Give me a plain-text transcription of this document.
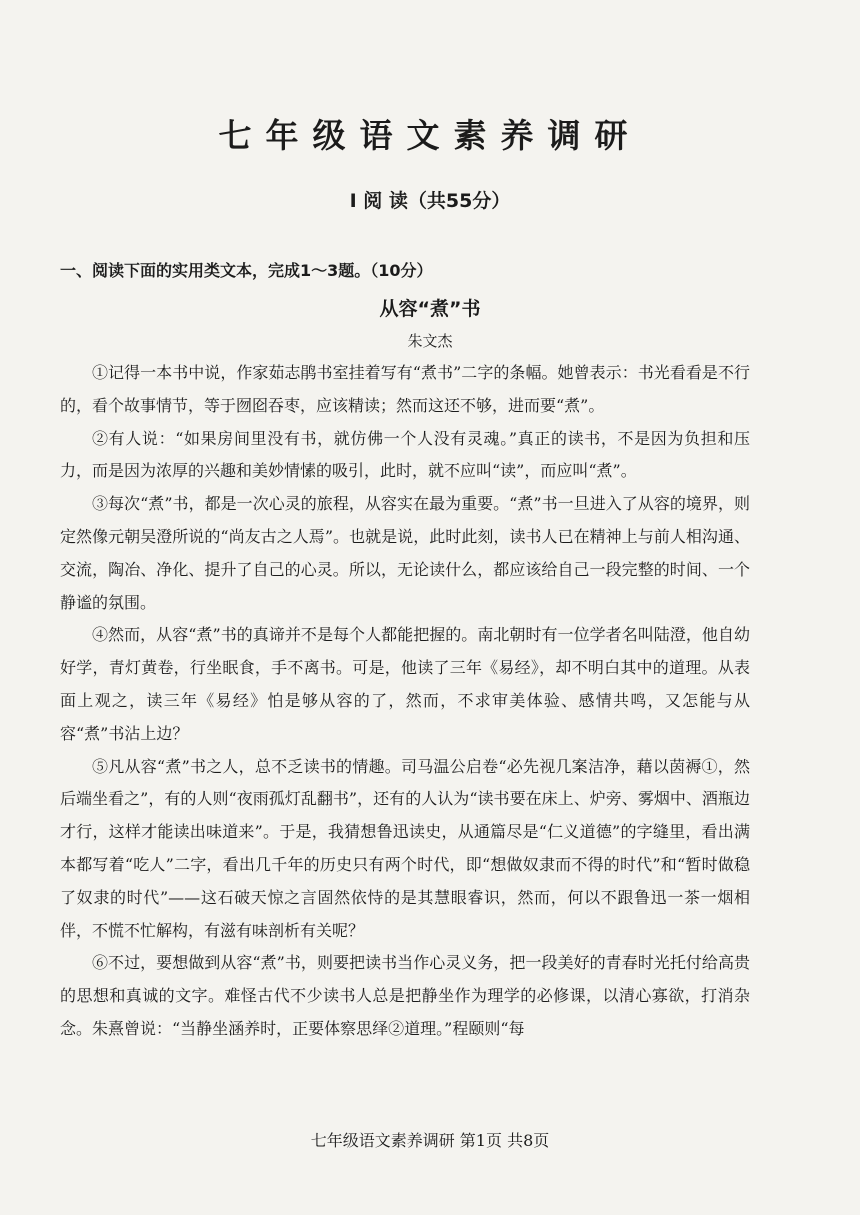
七年级语文素养调研
Ⅰ 阅 读（共55分）
一、阅读下面的实用类文本，完成1～3题。（10分）
从容“煮”书
朱文杰

①记得一本书中说，作家茹志鹃书室挂着写有“煮书”二字的条幅。她曾表示：书光看看是不行的，看个故事情节，等于囫囵吞枣，应该精读；然而这还不够，进而要“煮”。

②有人说：“如果房间里没有书，就仿佛一个人没有灵魂。”真正的读书，不是因为负担和压力，而是因为浓厚的兴趣和美妙情愫的吸引，此时，就不应叫“读”，而应叫“煮”。

③每次“煮”书，都是一次心灵的旅程，从容实在最为重要。“煮”书一旦进入了从容的境界，则定然像元朝吴澄所说的“尚友古之人焉”。也就是说，此时此刻，读书人已在精神上与前人相沟通、交流，陶冶、净化、提升了自己的心灵。所以，无论读什么，都应该给自己一段完整的时间、一个静谧的氛围。

④然而，从容“煮”书的真谛并不是每个人都能把握的。南北朝时有一位学者名叫陆澄，他自幼好学，青灯黄卷，行坐眠食，手不离书。可是，他读了三年《易经》，却不明白其中的道理。从表面上观之，读三年《易经》怕是够从容的了，然而，不求审美体验、感情共鸣，又怎能与从容“煮”书沾上边？

⑤凡从容“煮”书之人，总不乏读书的情趣。司马温公启卷“必先视几案洁净，藉以茵褥①，然后端坐看之”，有的人则“夜雨孤灯乱翻书”，还有的人认为“读书要在床上、炉旁、雾烟中、酒瓶边才行，这样才能读出味道来”。于是，我猜想鲁迅读史，从通篇尽是“仁义道德”的字缝里，看出满本都写着“吃人”二字，看出几千年的历史只有两个时代，即“想做奴隶而不得的时代”和“暂时做稳了奴隶的时代”——这石破天惊之言固然依恃的是其慧眼睿识，然而，何以不跟鲁迅一茶一烟相伴，不慌不忙解构，有滋有味剖析有关呢？

⑥不过，要想做到从容“煮”书，则要把读书当作心灵义务，把一段美好的青春时光托付给高贵的思想和真诚的文字。难怪古代不少读书人总是把静坐作为理学的必修课，以清心寡欲，打消杂念。朱熹曾说：“当静坐涵养时，正要体察思绎②道理。”程颐则“每

七年级语文素养调研 第1页 共8页
